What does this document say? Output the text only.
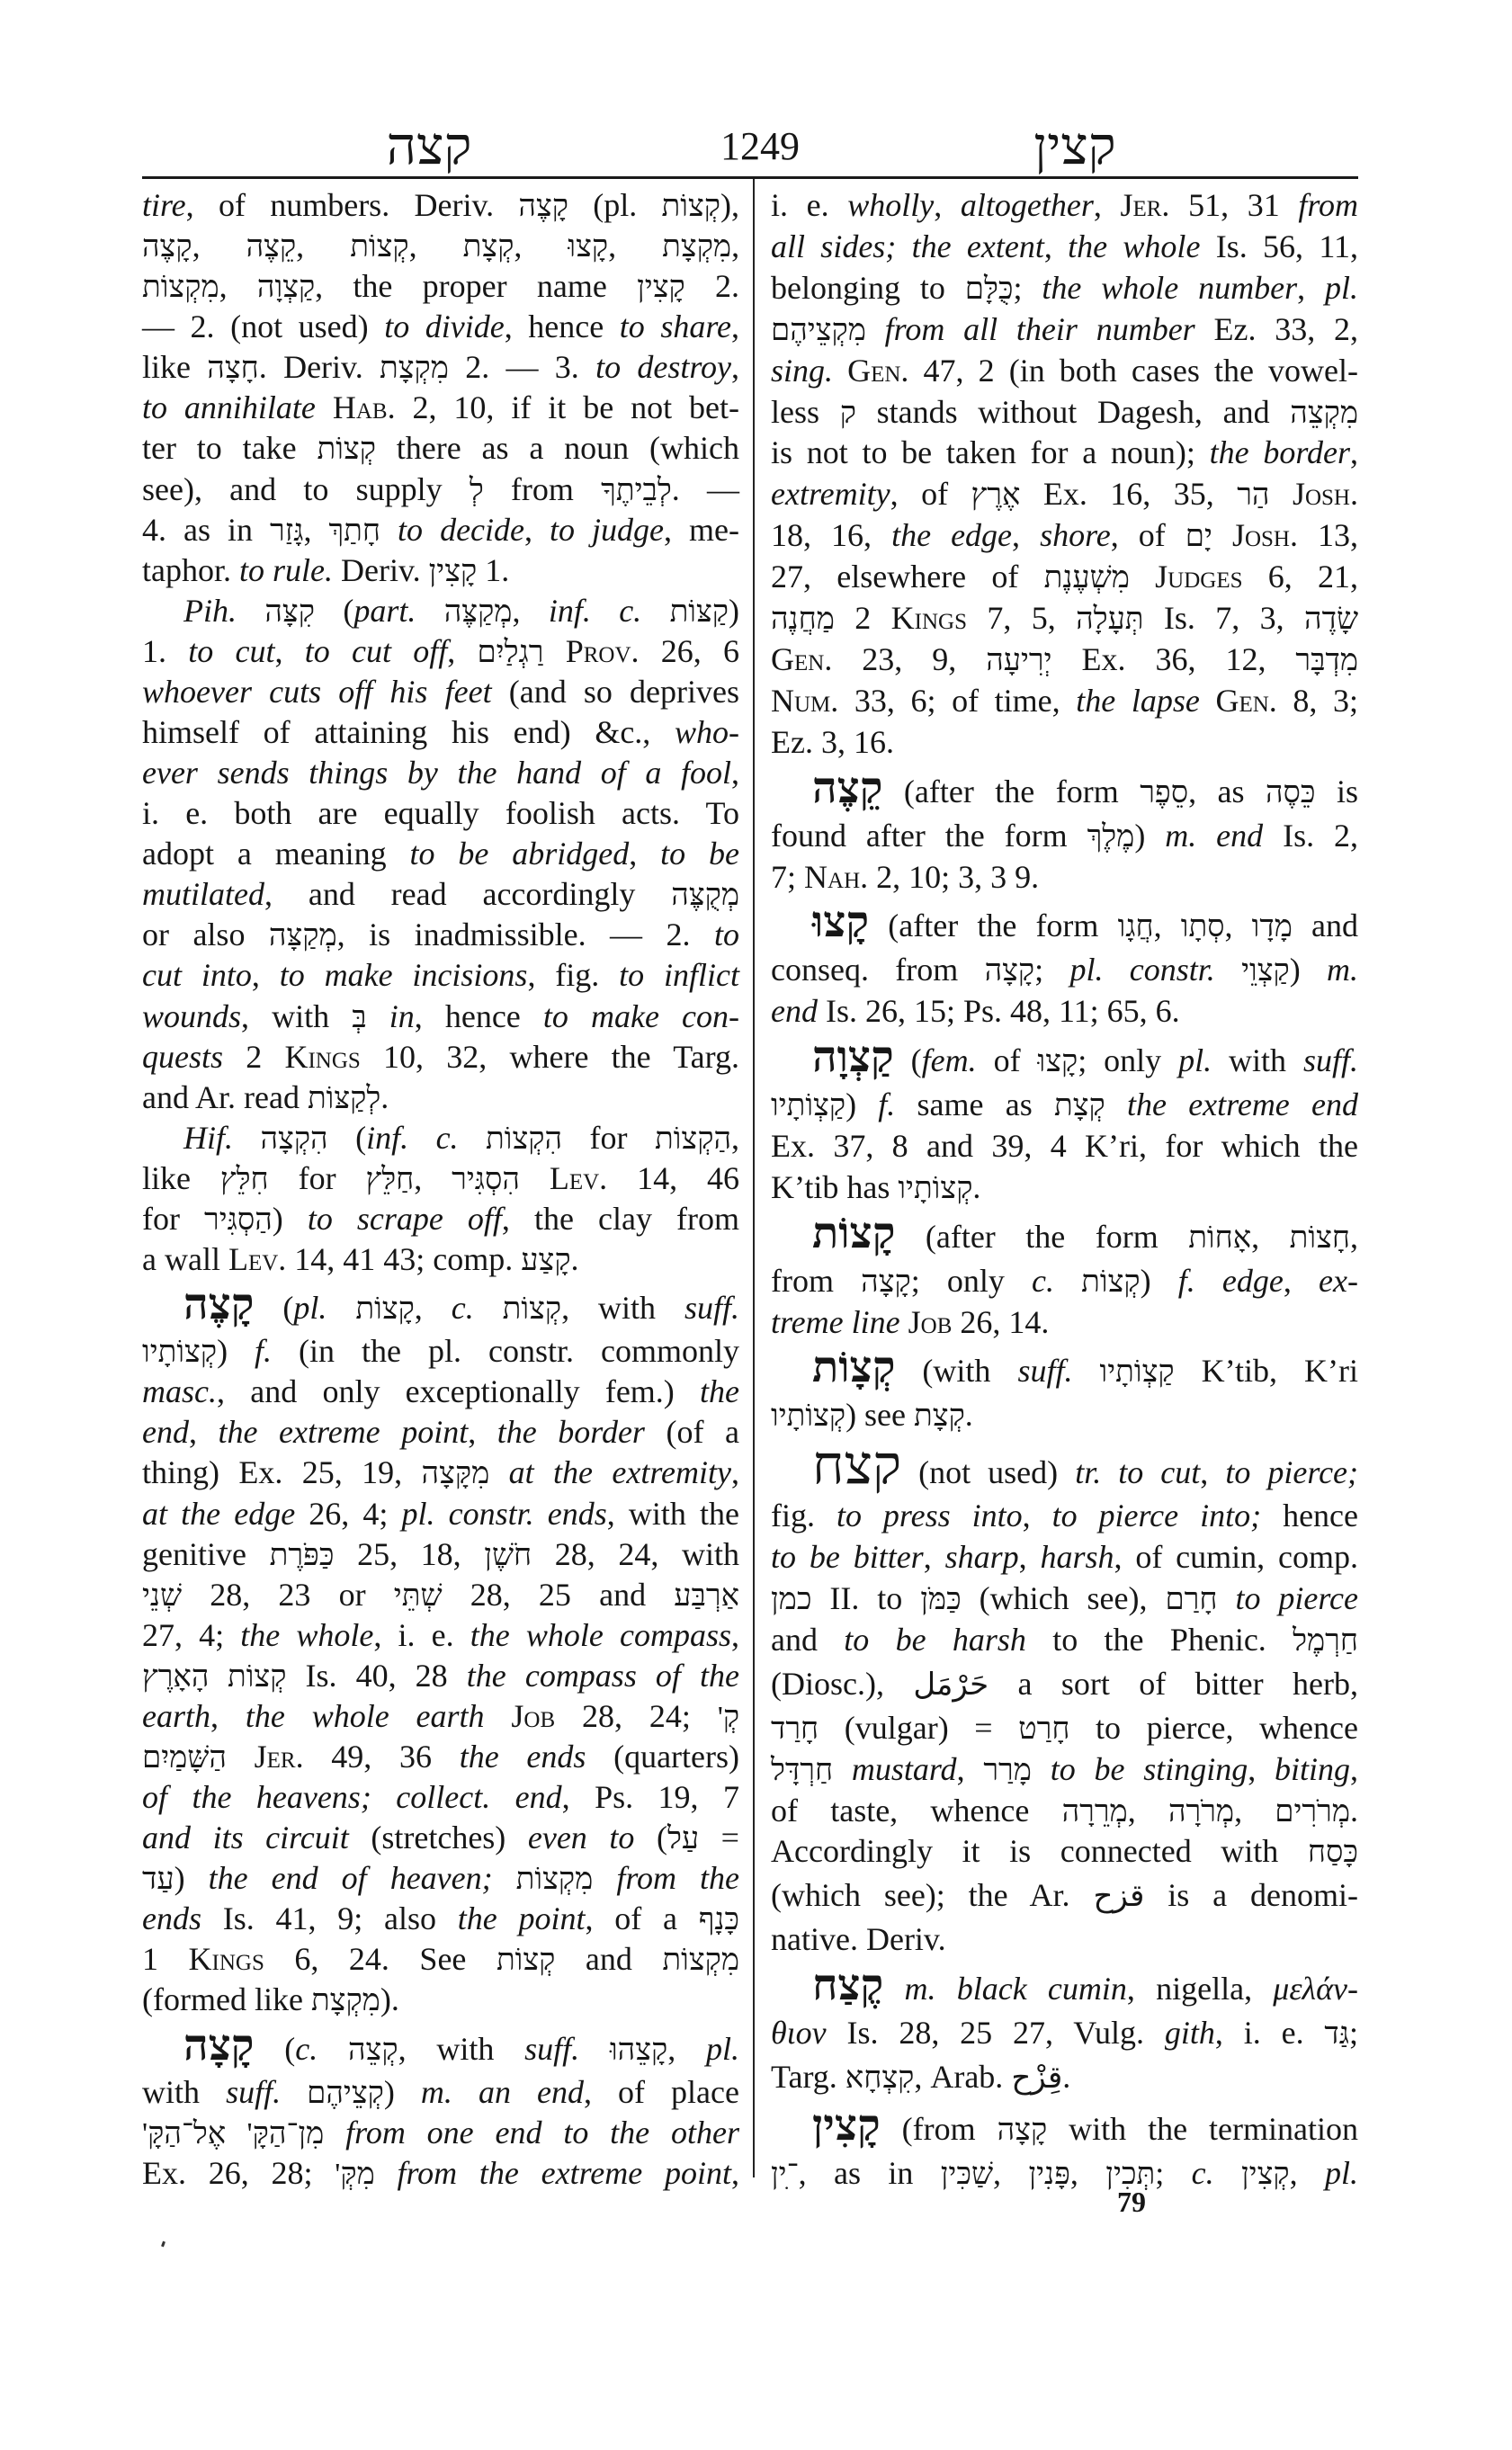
קצה	1249	קצין
tire, of numbers. Deriv. קָצֶה (pl. קְצוֹת),
קָצֶה, קֵצֶה, קְצוֹת, קְצָת, קָצוּ, מִקְצָת,
מִקְצוֹת, קַצְוָה, the proper name קָצִין 2.
— 2. (not used) to divide, hence to share,
like חָצָה. Deriv. מִקְצָת 2. — 3. to destroy,
to annihilate Hab. 2, 10, if it be not bet-
ter to take קְצוֹת there as a noun (which
see), and to supply לְ from לְבֵיתֶךָ. —
4. as in גָּזַר, חָתַךְ to decide, to judge, me-
taphor. to rule. Deriv. קָצִין 1.
Pih. קִצָּה (part. מְקַצֶּה, inf. c. קַצּוֹת)
1. to cut, to cut off, רַגְלַיִם Prov. 26, 6
whoever cuts off his feet (and so deprives
himself of attaining his end) &c., who-
ever sends things by the hand of a fool,
i. e. both are equally foolish acts. To
adopt a meaning to be abridged, to be
mutilated, and read accordingly מְקֻצֶּה
or also מְקַצָּה, is inadmissible. — 2. to
cut into, to make incisions, fig. to inflict
wounds, with בְּ in, hence to make con-
quests 2 Kings 10, 32, where the Targ.
and Ar. read לְקַצּוֹת.
Hif. הִקְצָה (inf. c. הִקְצוֹת for הַקְצוֹת,
like חִלֵּץ for חַלֵּץ, הִסְגִּיר Lev. 14, 46
for הַסְגִּיר) to scrape off, the clay from
a wall Lev. 14, 41 43; comp. קָצַע.
קָצֶה (pl. קָצוֹת, c. קְצוֹת, with suff.
קְצוֹתָיו) f. (in the pl. constr. commonly
masc., and only exceptionally fem.) the
end, the extreme point, the border (of a
thing) Ex. 25, 19, מִקָּצָה at the extremity,
at the edge 26, 4; pl. constr. ends, with the
genitive כַּפֹּרֶת 25, 18, חֹשֶׁן 28, 24, with
שְׁנֵי 28, 23 or שְׁתֵּי 28, 25 and אַרְבַּע
27, 4; the whole, i. e. the whole compass,
קְצוֹת הָאָרֶץ Is. 40, 28 the compass of the
earth, the whole earth Job 28, 24; קְ'
הַשָּׁמַיִם Jer. 49, 36 the ends (quarters)
of the heavens; collect. end, Ps. 19, 7
and its circuit (stretches) even to (עַל =
עַד) the end of heaven; מִקְצוֹת from the
ends Is. 41, 9; also the point, of a כָּנָף
1 Kings 6, 24. See קְצוֹת and מִקְצוֹת
(formed like מִקְצָת).
קָצָה (c. קְצֵה, with suff. קָצֵהוּ, pl.
with suff. קְצֵיהֶם) m. an end, of place
מִן־הַקָּ' אֶל־הַקָּ' from one end to the other
Ex. 26, 28; מִקְּ' from the extreme point,
i. e. wholly, altogether, Jer. 51, 31 from
all sides; the extent, the whole Is. 56, 11,
belonging to כֻּלָּם; the whole number, pl.
מִקְצֵיהֶם from all their number Ez. 33, 2,
sing. Gen. 47, 2 (in both cases the vowel-
less ק stands without Dagesh, and מִקְצֵה
is not to be taken for a noun); the border,
extremity, of אֶרֶץ Ex. 16, 35, הַר Josh.
18, 16, the edge, shore, of יָם Josh. 13,
27, elsewhere of מִשְׁעֶנֶת Judges 6, 21,
מַחֲנֶה 2 Kings 7, 5, תְּעָלָה Is. 7, 3, שָׂדֶה
Gen. 23, 9, יְרִיעָה Ex. 36, 12, מִדְבָּר
Num. 33, 6; of time, the lapse Gen. 8, 3;
Ez. 3, 16.
קֵצֶה (after the form סֵפֶר, as כֵּסֶה is
found after the form מֶלֶךְ) m. end Is. 2,
7; Nah. 2, 10; 3, 3 9.
קָצוּ (after the form חֲגָו, סְתָו, מָדָו and
conseq. from קָצָה; pl. constr. קַצְוֵי) m.
end Is. 26, 15; Ps. 48, 11; 65, 6.
קַצְוָה (fem. of קָצוּ; only pl. with suff.
קַצְוֹתָיו) f. same as קְצָת the extreme end
Ex. 37, 8 and 39, 4 K’ri, for which the
K’tib has קְצוֹתָיו.
קָצוֹת (after the form אָחוֹת, חָצוֹת,
from קָצָה; only c. קְצוֹת) f. edge, ex-
treme line Job 26, 14.
קְצָוֹת (with suff. קַצְוֹתָיו K’tib, K’ri
קְצוֹתָיו) see קְצָת.
קצח (not used) tr. to cut, to pierce;
fig. to press into, to pierce into; hence
to be bitter, sharp, harsh, of cumin, comp.
כמן II. to כַּמֹּן (which see), חָרַם to pierce
and to be harsh to the Phenic. חַרְמֶל
(Diosc.), حَرْمَل a sort of bitter herb,
חָרַד (vulgar) = חָרַט to pierce, whence
חַרְדָּל mustard, מָרַר to be stinging, biting,
of taste, whence מְרֵרָה, מְרֹרָה, מְרֹרִים.
Accordingly it is connected with כָּסַח
(which see); the Ar. قزح is a denomi-
native. Deriv.
קֶצַח m. black cumin, nigella, μελάν-
θιον Is. 28, 25 27, Vulg. gith, i. e. גַּד;
Targ. קִצְחָא, Arab. قِزْح.
קָצִין (from קָצָה with the termination
־ִין, as in שַׁכִּין, פָּנִין, תְּכִין; c. קְצִין, pl.
79
